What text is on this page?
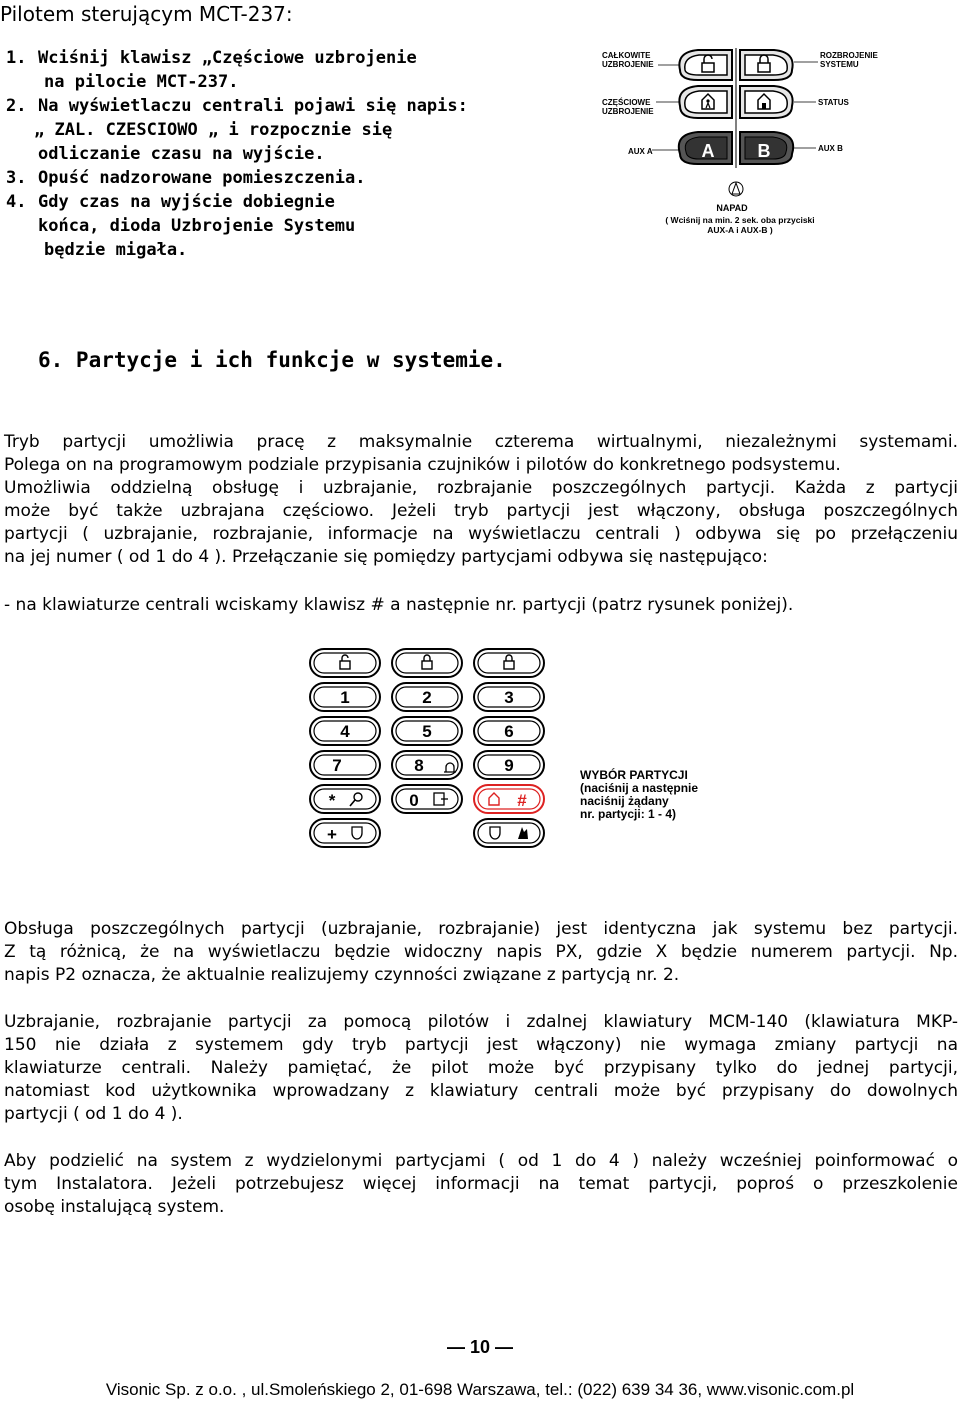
Pilotem sterującym MCT-237:
1. Wciśnij klawisz „Częściowe uzbrojenie
na pilocie MCT-237.
2. Na wyświetlaczu centrali pojawi się napis:
„ ZAL. CZESCIOWO „ i rozpocznie się
odliczanie czasu na wyjście.
3. Opuść nadzorowane pomieszczenia.
4. Gdy czas na wyjście dobiegnie
końca, dioda Uzbrojenie Systemu
będzie migała.
A B
CAŁKOWITE
UZBROJENIE
ROZBROJENIE
SYSTEMU
CZĘŚCIOWE
UZBROJENIE
STATUS
AUX A	AUX B
NAPAD
( Wciśnij na min. 2 sek. oba przyciski
AUX-A i AUX-B )
6. Partycje i ich funkcje w systemie.
Tryb partycji umożliwia pracę z maksymalnie czterema wirtualnymi, niezależnymi systemami.
Polega on na programowym podziale przypisania czujników i pilotów do konkretnego podsystemu.
Umożliwia oddzielną obsługę i uzbrajanie, rozbrajanie poszczególnych partycji. Każda z partycji
może być także uzbrajana częściowo. Jeżeli tryb partycji jest włączony, obsługa poszczególnych
partycji ( uzbrajanie, rozbrajanie, informacje na wyświetlaczu centrali ) odbywa się po przełączeniu
na jej numer ( od 1 do 4 ). Przełączanie się pomiędzy partycjami odbywa się następująco:
- na klawiaturze centrali wciskamy klawisz # a następnie nr. partycji (patrz rysunek poniżej).
1	2	3
4	5	6
7	8	9
*	0	#
+
WYBÓR PARTYCJI
(naciśnij a następnie
naciśnij żądany
nr. partycji: 1 - 4)
Obsługa poszczególnych partycji (uzbrajanie, rozbrajanie) jest identyczna jak systemu bez partycji.
Z tą różnicą, że na wyświetlaczu będzie widoczny napis PX, gdzie X będzie numerem partycji. Np.
napis P2 oznacza, że aktualnie realizujemy czynności związane z partycją nr. 2.
Uzbrajanie, rozbrajanie partycji za pomocą pilotów i zdalnej klawiatury MCM-140 (klawiatura MKP-
150 nie działa z systemem gdy tryb partycji jest włączony) nie wymaga zmiany partycji na
klawiaturze centrali. Należy pamiętać, że pilot może być przypisany tylko do jednej partycji,
natomiast kod użytkownika wprowadzany z klawiatury centrali może być przypisany do dowolnych
partycji ( od 1 do 4 ).
Aby podzielić na system z wydzielonymi partycjami ( od 1 do 4 ) należy wcześniej poinformować o
tym Instalatora. Jeżeli potrzebujesz więcej informacji na temat partycji, poproś o przeszkolenie
osobę instalującą system.
— 10 —
Visonic Sp. z o.o. , ul.Smoleńskiego 2, 01-698 Warszawa, tel.: (022) 639 34 36, www.visonic.com.pl
